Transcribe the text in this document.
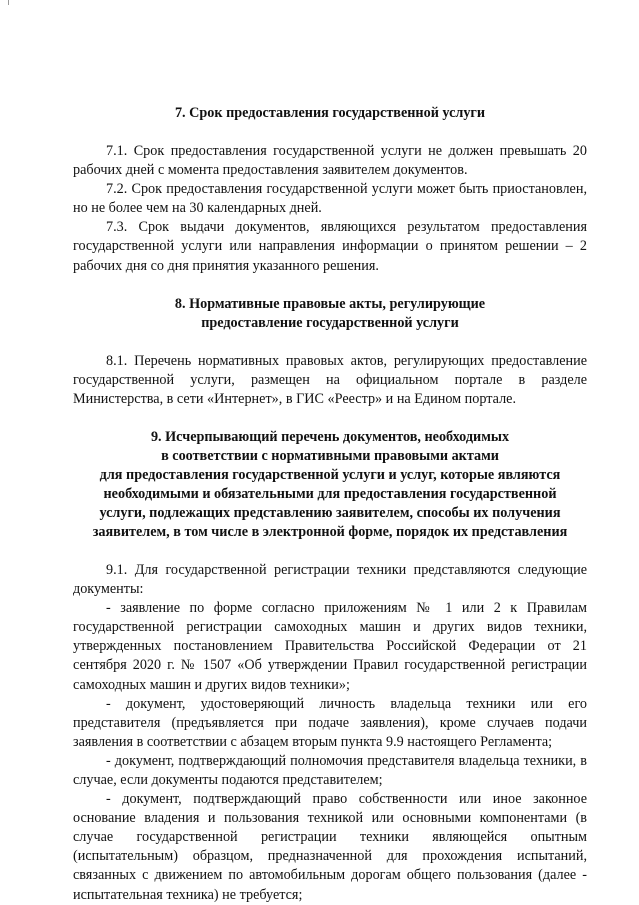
7. Срок предоставления государственной услуги

7.1. Срок предоставления государственной услуги не должен превышать 20 рабочих дней с момента предоставления заявителем документов.

7.2. Срок предоставления государственной услуги может быть приостановлен, но не более чем на 30 календарных дней.

7.3. Срок выдачи документов, являющихся результатом предоставления государственной услуги или направления информации о принятом решении – 2 рабочих дня со дня принятия указанного решения.

8. Нормативные правовые акты, регулирующие
предоставление государственной услуги

8.1. Перечень нормативных правовых актов, регулирующих предоставление государственной услуги, размещен на официальном портале в разделе Министерства, в сети «Интернет», в ГИС «Реестр» и на Едином портале.

9. Исчерпывающий перечень документов, необходимых
в соответствии с нормативными правовыми актами
для предоставления государственной услуги и услуг, которые являются
необходимыми и обязательными для предоставления государственной
услуги, подлежащих представлению заявителем, способы их получения
заявителем, в том числе в электронной форме, порядок их представления

9.1. Для государственной регистрации техники представляются следующие документы:

- заявление по форме согласно приложениям № 1 или 2 к Правилам государственной регистрации самоходных машин и других видов техники, утвержденных постановлением Правительства Российской Федерации от 21 сентября 2020 г. № 1507 «Об утверждении Правил государственной регистрации самоходных машин и других видов техники»;

- документ, удостоверяющий личность владельца техники или его представителя (предъявляется при подаче заявления), кроме случаев подачи заявления в соответствии с абзацем вторым пункта 9.9 настоящего Регламента;

- документ, подтверждающий полномочия представителя владельца техники, в случае, если документы подаются представителем;

- документ, подтверждающий право собственности или иное законное основание владения и пользования техникой или основными компонентами (в случае государственной регистрации техники являющейся опытным (испытательным) образцом, предназначенной для прохождения испытаний, связанных с движением по автомобильным дорогам общего пользования (далее - испытательная техника) не требуется;
